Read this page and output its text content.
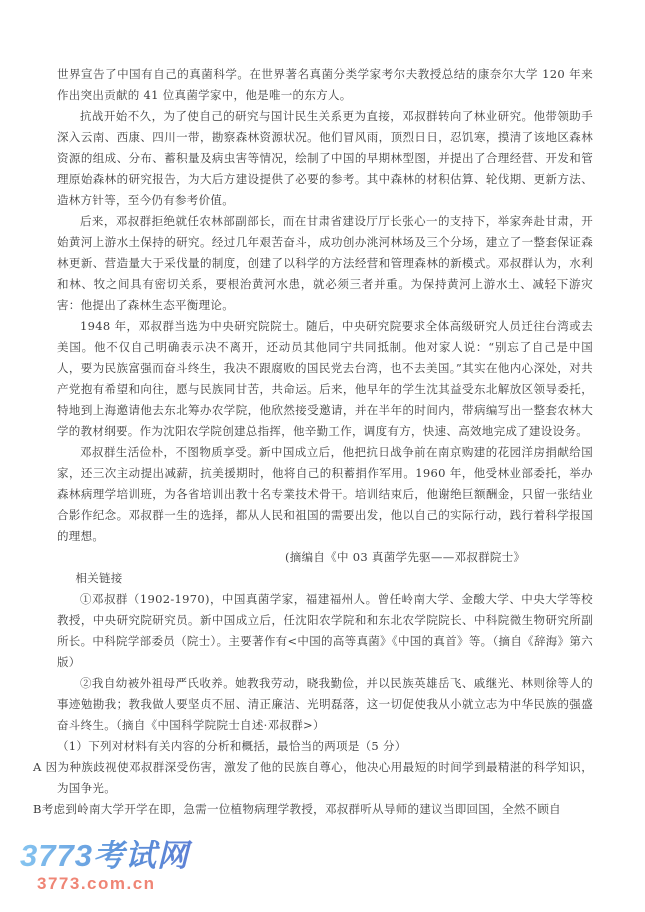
世界宣告了中国有自己的真菌科学。在世界著名真菌分类学家考尔夫教授总结的康奈尔大学 120 年来作出突出贡献的 41 位真菌学家中，他是唯一的东方人。

抗战开始不久，为了使自己的研究与国计民生关系更为直接，邓叔群转向了林业研究。他带领助手深入云南、西康、四川一带，勘察森林资源状况。他们冒风雨，顶烈日日，忍饥寒，摸清了该地区森林资源的组成、分布、蓄积量及病虫害等情况，绘制了中国的早期林型图，并提出了合理经营、开发和管理原始森林的研究报告，为大后方建设提供了必要的参考。其中森林的材积估算、轮伐期、更新方法、造林方针等，至今仍有参考价值。

后来，邓叔群拒绝就任农林部副部长，而在甘肃省建设厅厅长张心一的支持下，举家奔赴甘肃，开始黄河上游水土保持的研究。经过几年艰苦奋斗，成功创办洮河林场及三个分场，建立了一整套保证森林更新、营造量大于采伐量的制度，创建了以科学的方法经营和管理森林的新模式。邓叔群认为，水利和林、牧之间具有密切关系，要根治黄河水患，就必须三者并重。为保持黄河上游水土、减轻下游灾害：他提出了森林生态平衡理论。

1948 年，邓叔群当选为中央研究院院士。随后，中央研究院要求全体高级研究人员迁往台湾或去美国。他不仅自己明确表示决不离开，还动员其他同宁共同抵制。他对家人说：“别忘了自己是中国人，要为民族富强而奋斗终生，我决不跟腐败的国民党去台湾，也不去美国。”其实在他内心深处，对共产党抱有希望和向往，愿与民族同甘苦，共命运。后来，他早年的学生沈其益受东北解放区领导委托，特地到上海邀请他去东北筹办农学院，他欣然接受邀请，并在半年的时间内，带病编写出一整套农林大学的教材纲要。作为沈阳农学院创建总指挥，他辛勤工作，调度有方，快速、高效地完成了建设设务。

邓叔群生活俭朴，不图物质享受。新中国成立后，他把抗日战争前在南京购建的花园洋房捐献给国家，还三次主动提出减薪，抗美援期时，他将自己的积蓄捐作军用。1960 年，他受林业部委托，举办森林病理学培训班，为各省培训出教十名专業技术骨干。培训结束后，他谢绝巨额酬金，只留一张结业合影作纪念。邓叔群一生的选择，都从人民和祖国的需要出发，他以自己的实际行动，践行着科学报国的理想。

(摘编自《中 03 真菌学先驱——邓叔群院士》

相关链接

①邓叔群（1902-1970)，中国真菌学家，福建福州人。曾任岭南大学、金酸大学、中央大学等校教授，中央研究院研究员。新中国成立后，任沈阳农学院和和东北农学院院长、中科院微生物研究所副所长。中科院学部委员（院士）。主要著作有<中国的高等真菌》《中国的真首》等。（摘自《辞海》第六版）

②我自幼被外祖母严氏收养。她教我劳动，晓我勤俭，并以民族英雄岳飞、戚继光、林则徐等人的事迹勉勘我；教我做人要坚贞不屈、清正廉洁、光明磊落，这一切促使我从小就立志为中华民族的强盛奋斗终生。（摘自《中国科学院院士自述·邓叔群>）

（1）下列对材料有关内容的分析和概括，最恰当的两项是（5 分）

A 因为种族歧视使邓叔群深受伤害，激发了他的民族自尊心，他决心用最短的时间学到最精湛的科学知识，为国争光。

B考虑到岭南大学开学在即，急需一位植物病理学教授，邓叔群听从导师的建议当即回国，全然不顾自

3773考试网
3773.com.cn
